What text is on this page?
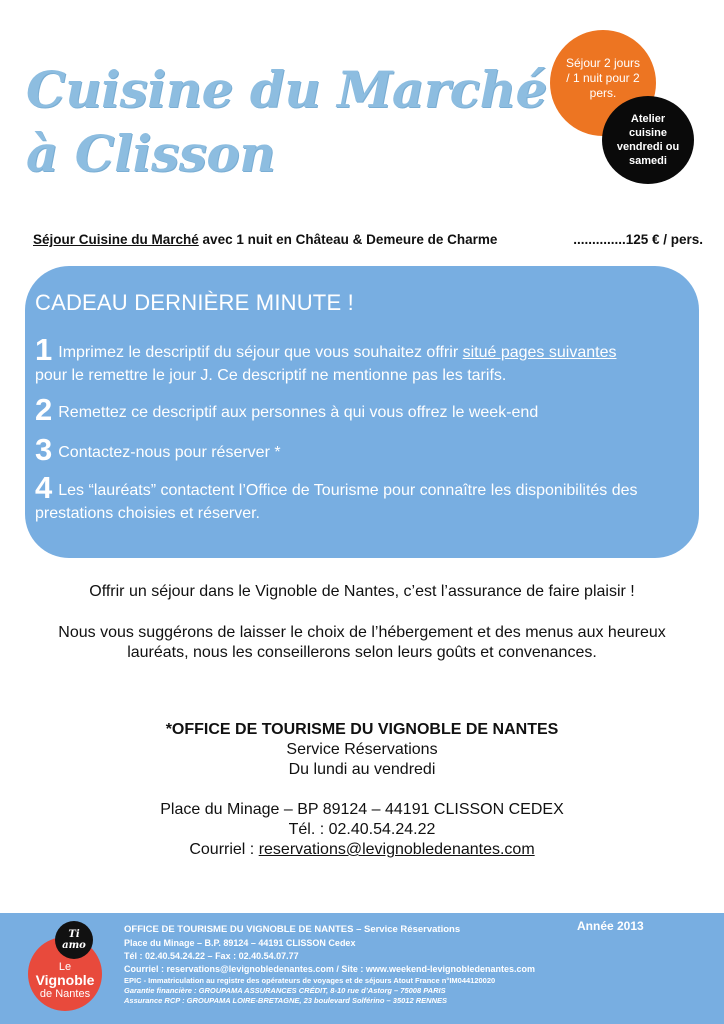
Cuisine du Marché
à Clisson
Séjour 2 jours / 1 nuit pour 2 pers.
Atelier cuisine vendredi ou samedi
Séjour Cuisine du Marché avec 1 nuit en Château & Demeure de Charme	..............125 € / pers.
CADEAU DERNIÈRE MINUTE !
1 Imprimez le descriptif du séjour que vous souhaitez offrir situé pages suivantes
pour le remettre le jour J. Ce descriptif ne mentionne pas les tarifs.
2 Remettez ce descriptif aux personnes à qui vous offrez le week-end
3 Contactez-nous pour réserver *
4 Les “lauréats” contactent l’Office de Tourisme pour connaître les disponibilités des prestations choisies et réserver.
Offrir un séjour dans le Vignoble de Nantes, c’est l’assurance de faire plaisir !
Nous vous suggérons de laisser le choix de l’hébergement et des menus aux heureux
lauréats, nous les conseillerons selon leurs goûts et convenances.
*OFFICE DE TOURISME DU VIGNOBLE DE NANTES
Service Réservations
Du lundi au vendredi
Place du Minage – BP 89124 – 44191 CLISSON CEDEX
Tél. : 02.40.54.24.22
Courriel : reservations@levignobledenantes.com
Le
Vignoble
de Nantes
Ti amo
Année 2013
OFFICE DE TOURISME DU VIGNOBLE DE NANTES – Service Réservations
Place du Minage – B.P. 89124 – 44191 CLISSON Cedex
Tél : 02.40.54.24.22 – Fax : 02.40.54.07.77
Courriel : reservations@levignobledenantes.com / Site : www.weekend-levignobledenantes.com
EPIC - Immatriculation au registre des opérateurs de voyages et de séjours Atout France n°IM044120020
Garantie financière : GROUPAMA ASSURANCES CRÉDIT, 8-10 rue d’Astorg – 75008 PARIS
Assurance RCP : GROUPAMA LOIRE-BRETAGNE, 23 boulevard Solférino – 35012 RENNES
